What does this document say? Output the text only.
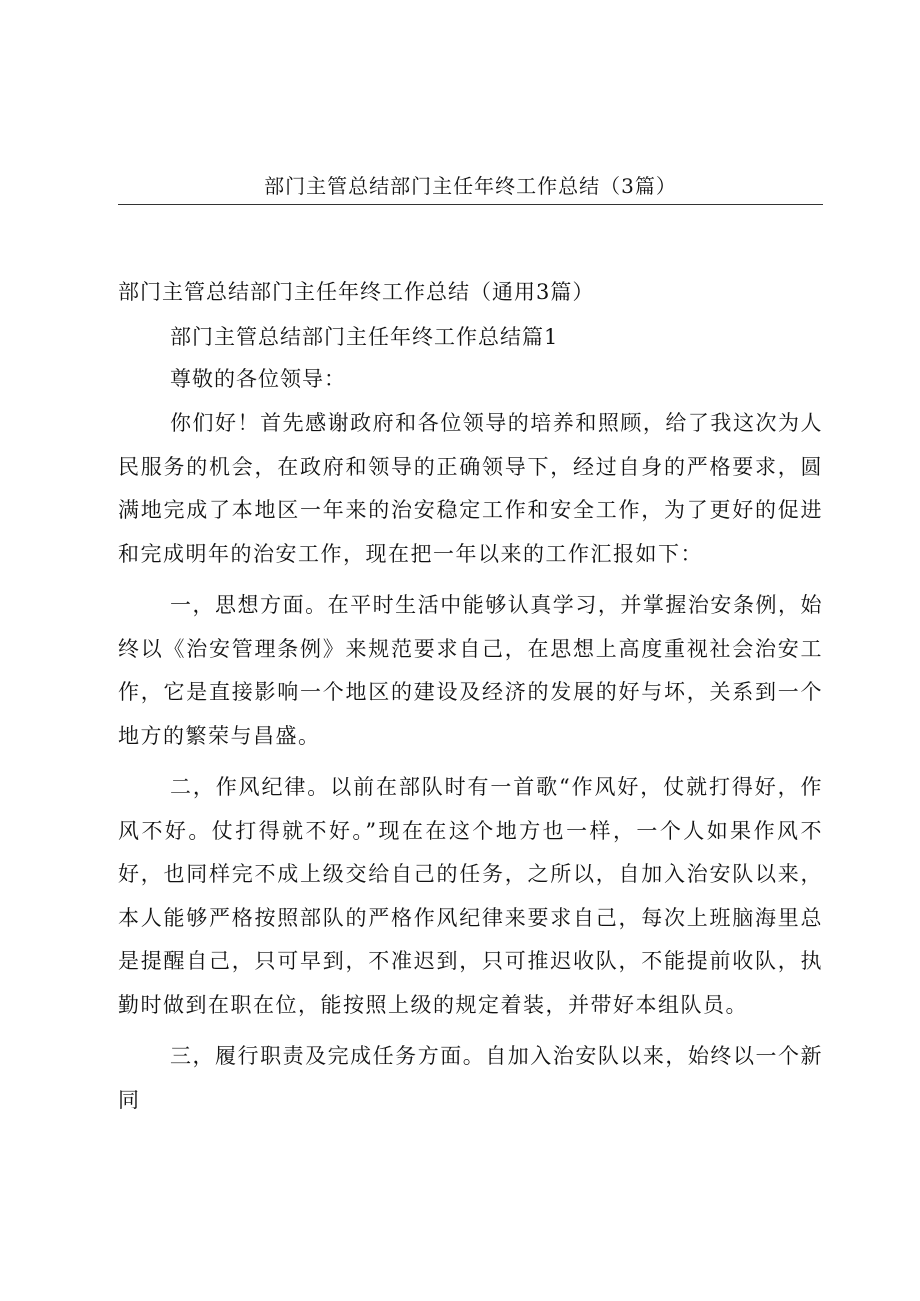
部门主管总结部门主任年终工作总结（3篇）

部门主管总结部门主任年终工作总结（通用3篇）

部门主管总结部门主任年终工作总结篇1

尊敬的各位领导：

你们好！首先感谢政府和各位领导的培养和照顾，给了我这次为人民服务的机会，在政府和领导的正确领导下，经过自身的严格要求，圆满地完成了本地区一年来的治安稳定工作和安全工作，为了更好的促进和完成明年的治安工作，现在把一年以来的工作汇报如下：

一，思想方面。在平时生活中能够认真学习，并掌握治安条例，始终以《治安管理条例》来规范要求自己，在思想上高度重视社会治安工作，它是直接影响一个地区的建设及经济的发展的好与坏，关系到一个地方的繁荣与昌盛。

二，作风纪律。以前在部队时有一首歌“作风好，仗就打得好，作风不好。仗打得就不好。”现在在这个地方也一样，一个人如果作风不好，也同样完不成上级交给自己的任务，之所以，自加入治安队以来，本人能够严格按照部队的严格作风纪律来要求自己，每次上班脑海里总是提醒自己，只可早到，不准迟到，只可推迟收队，不能提前收队，执勤时做到在职在位，能按照上级的规定着装，并带好本组队员。

三，履行职责及完成任务方面。自加入治安队以来，始终以一个新同
